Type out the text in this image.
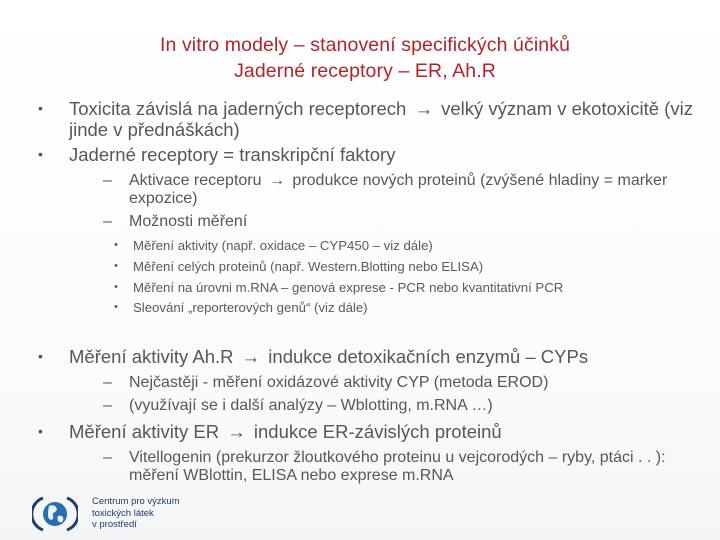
In vitro modely – stanovení specifických účinků
Jaderné receptory – ER, Ah.R
•	Toxicita závislá na jaderných receptorech → velký význam v ekotoxicitě (viz jinde v přednáškách)
•	Jaderné receptory = transkripční faktory
–	Aktivace receptoru → produkce nových proteinů (zvýšené hladiny = marker expozice)
–	Možnosti měření
•	Měření aktivity (např. oxidace – CYP450 – viz dále)
•	Měření celých proteinů (např. Western.Blotting nebo ELISA)
•	Měření na úrovni m.RNA – genová exprese - PCR nebo kvantitativní PCR
•	Sleování „reporterových genů“ (viz dále)
•	Měření aktivity Ah.R → indukce detoxikačních enzymů – CYPs
–	Nejčastěji - měření oxidázové aktivity CYP (metoda EROD)
–	(využívají se i další analýzy – Wblotting, m.RNA …)
•	Měření aktivity ER → indukce ER-závislých proteinů
–	Vitellogenin (prekurzor žloutkového proteinu u vejcorodých – ryby, ptáci . . ): měření WBlottin, ELISA nebo exprese m.RNA
Centrum pro výzkum
toxických látek
v prostředí
